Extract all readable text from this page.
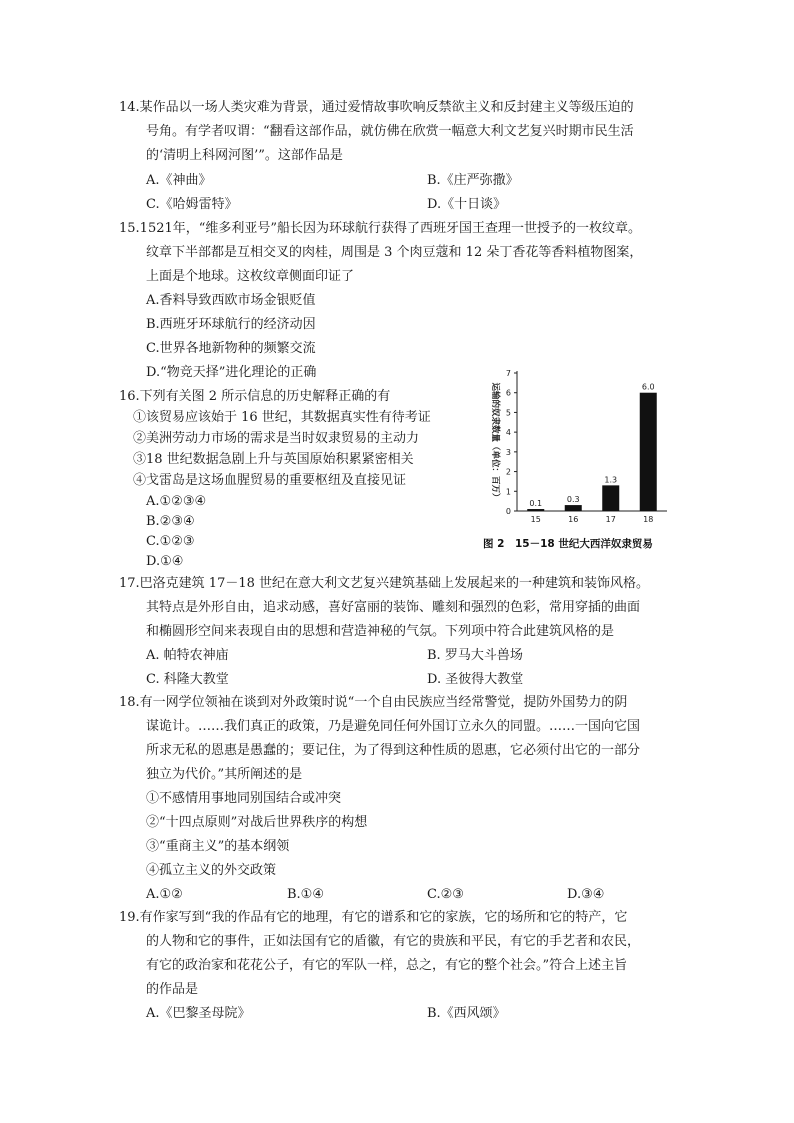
14.某作品以一场人类灾难为背景，通过爱情故事吹响反禁欲主义和反封建主义等级压迫的
号角。有学者叹谓：“翻看这部作品，就仿佛在欣赏一幅意大利文艺复兴时期市民生活
的‘清明上科网河图’”。这部作品是
A.《神曲》	B.《庄严弥撒》
C.《哈姆雷特》	D.《十日谈》
15.1521年，“维多利亚号”船长因为环球航行获得了西班牙国王查理一世授予的一枚纹章。
纹章下半部都是互相交叉的肉桂，周围是 3 个肉豆蔻和 12 朵丁香花等香料植物图案，
上面是个地球。这枚纹章侧面印证了
A.香料导致西欧市场金银贬值
B.西班牙环球航行的经济动因
C.世界各地新物种的频繁交流
D.“物竞天择”进化理论的正确
16.下列有关图 2 所示信息的历史解释正确的有
①该贸易应该始于 16 世纪，其数据真实性有待考证
②美洲劳动力市场的需求是当时奴隶贸易的主动力
③18 世纪数据急剧上升与英国原始积累紧密相关
④戈雷岛是这场血腥贸易的重要枢纽及直接见证
A.①②③④
B.②③④
C.①②③
D.①④
0
1
2
3
4
5
6
7
0.1	0.3
1.3
6.0
15	16	17	18
运输的奴隶数量（单位：百万）
图 2　15－18 世纪大西洋奴隶贸易
17.巴洛克建筑 17－18 世纪在意大利文艺复兴建筑基础上发展起来的一种建筑和装饰风格。
其特点是外形自由，追求动感，喜好富丽的装饰、雕刻和强烈的色彩，常用穿插的曲面
和椭圆形空间来表现自由的思想和营造神秘的气氛。下列项中符合此建筑风格的是
A. 帕特农神庙	B. 罗马大斗兽场
C. 科隆大教堂	D. 圣彼得大教堂
18.有一网学位领袖在谈到对外政策时说“一个自由民族应当经常警觉，提防外国势力的阴
谋诡计。……我们真正的政策，乃是避免同任何外国订立永久的同盟。……一国向它国
所求无私的恩惠是愚蠢的；要记住，为了得到这种性质的恩惠，它必须付出它的一部分
独立为代价。”其所阐述的是
①不感情用事地同别国结合或冲突
②“十四点原则”对战后世界秩序的构想
③“重商主义”的基本纲领
④孤立主义的外交政策
A.①②	B.①④	C.②③	D.③④
19.有作家写到“我的作品有它的地理，有它的谱系和它的家族，它的场所和它的特产，它
的人物和它的事件，正如法国有它的盾徽，有它的贵族和平民，有它的手艺者和农民，
有它的政治家和花花公子，有它的军队一样，总之，有它的整个社会。”符合上述主旨
的作品是
A.《巴黎圣母院》	B.《西风颂》
